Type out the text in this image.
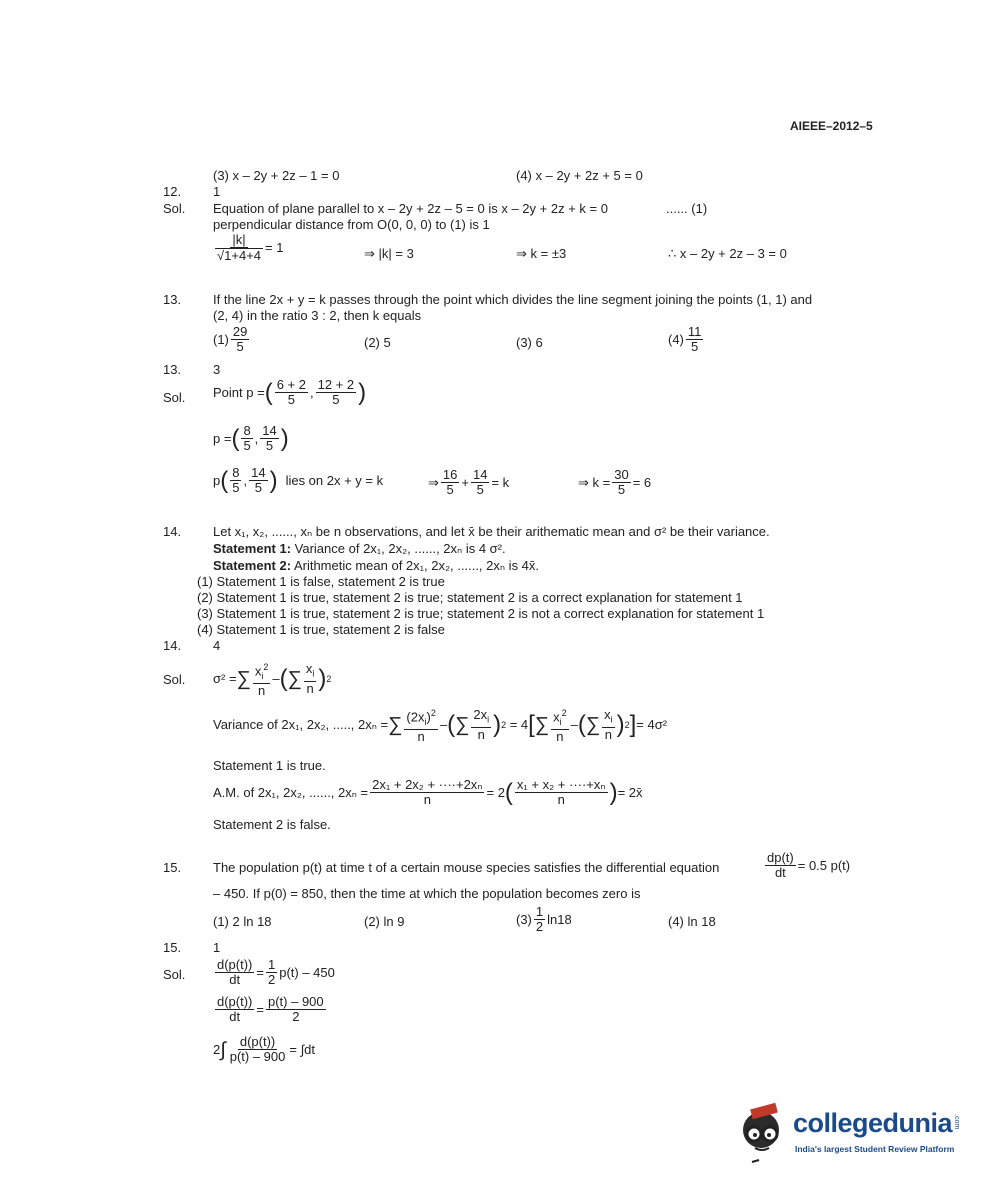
AIEEE–2012–5
(3) x – 2y + 2z – 1 = 0	(4) x – 2y + 2z + 5 = 0
12. 1
Sol. Equation of plane parallel to x – 2y + 2z – 5 = 0 is x – 2y + 2z + k = 0	...... (1)
perpendicular distance from O(0, 0, 0) to (1) is 1
$\frac{|k|}{√1+4+4} = 1$	⇒ |k| = 3	⇒ k = ±3	∴ x – 2y + 2z – 3 = 0
13. If the line 2x + y = k passes through the point which divides the line segment joining the points (1, 1) and
(2, 4) in the ratio 3 : 2, then k equals
$(1) \frac{29}{5}$	(2) 5	(3) 6	$(4) \frac{11}{5}$
13. 3
Sol. Point p = ( $\frac{6 + 2}{5}$ , $\frac{12 + 2}{5}$ )
p = ( $\frac{8}{5}$ , $\frac{14}{5}$ )
p ( $\frac{8}{5}$ , $\frac{14}{5}$ ) lies on 2x + y = k	⇒ $\frac{16}{5} + \frac{14}{5} = k$	⇒ $k = \frac{30}{5} = 6$
14. Let x₁, x₂, ......, xₙ be n observations, and let x̄ be their arithematic mean and σ² be their variance.
Statement 1: Variance of 2x₁, 2x₂, ......, 2xₙ is 4 σ².
Statement 2: Arithmetic mean of 2x₁, 2x₂, ......, 2xₙ is 4x̄.
(1) Statement 1 is false, statement 2 is true
(2) Statement 1 is true, statement 2 is true; statement 2 is a correct explanation for statement 1
(3) Statement 1 is true, statement 2 is true; statement 2 is not a correct explanation for statement 1
(4) Statement 1 is true, statement 2 is false
14. 4
Sol. σ² = ∑ $\frac{x_i^2}{n}$ – ( ∑ $\frac{x_i}{n}$ ) 2
Variance of 2x₁, 2x₂, ....., 2xₙ = ∑ $\frac{(2x_i)^2}{n}$ – ( ∑ $\frac{2x_i}{n}$ ) 2 = 4 [ ∑ $\frac{x_i^2}{n}$ – ( ∑ $\frac{x_i}{n}$ ) 2 ] = 4σ²
Statement 1 is true.
A.M. of 2x₁, 2x₂, ......, $2x_n = \frac{\text{2x₁ + 2x₂ + ····+2xₙ}}{n} = 2$ ( $\frac{\text{x₁ + x₂ + ····+xₙ}}{n}$ ) = 2x̄
Statement 2 is false.
15. The population p(t) at time t of a certain mouse species satisfies the differential equation	$\frac{dp(t)}{dt} = 0.5$ p(t)
– 450. If p(0) = 850, then the time at which the population becomes zero is
(1) 2 ln 18	(2) ln 9	$(3) \frac{1}{2} \ln 18$	(4) ln 18
15. 1
Sol. $\frac{d(p(t))}{dt} = \frac{1}{2} p(t) - 450$
$\frac{d(p(t))}{dt} = \frac{p(t) - 900}{2}$
2 ∫ $\frac{d(p(t))}{p(t) - 900} = \int dt$
collegedunia .com
India's largest Student Review Platform
